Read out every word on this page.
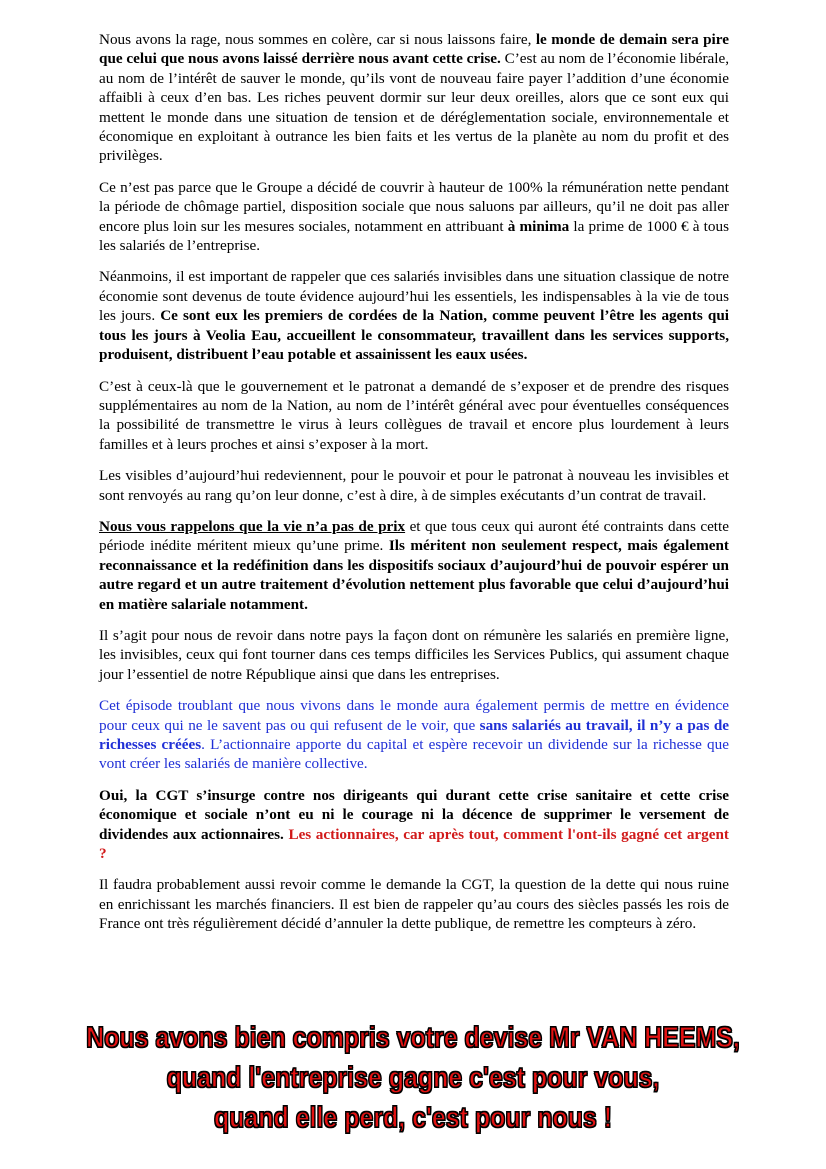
Nous avons la rage, nous sommes en colère, car si nous laissons faire, le monde de demain sera pire que celui que nous avons laissé derrière nous avant cette crise. C’est au nom de l’économie libérale, au nom de l’intérêt de sauver le monde, qu’ils vont de nouveau faire payer l’addition d’une économie affaibli à ceux d’en bas. Les riches peuvent dormir sur leur deux oreilles, alors que ce sont eux qui mettent le monde dans une situation de tension et de déréglementation sociale, environnementale et économique en exploitant à outrance les bien faits et les vertus de la planète au nom du profit et des privilèges.

Ce n’est pas parce que le Groupe a décidé de couvrir à hauteur de 100% la rémunération nette pendant la période de chômage partiel, disposition sociale que nous saluons par ailleurs, qu’il ne doit pas aller encore plus loin sur les mesures sociales, notamment en attribuant à minima la prime de 1000 € à tous les salariés de l’entreprise.

Néanmoins, il est important de rappeler que ces salariés invisibles dans une situation classique de notre économie sont devenus de toute évidence aujourd’hui les essentiels, les indispensables à la vie de tous les jours. Ce sont eux les premiers de cordées de la Nation, comme peuvent l’être les agents qui tous les jours à Veolia Eau, accueillent le consommateur, travaillent dans les services supports, produisent, distribuent l’eau potable et assainissent les eaux usées.

C’est à ceux-là que le gouvernement et le patronat a demandé de s’exposer et de prendre des risques supplémentaires au nom de la Nation, au nom de l’intérêt général avec pour éventuelles conséquences la possibilité de transmettre le virus à leurs collègues de travail et encore plus lourdement à leurs familles et à leurs proches et ainsi s’exposer à la mort.

Les visibles d’aujourd’hui redeviennent, pour le pouvoir et pour le patronat à nouveau les invisibles et sont renvoyés au rang qu’on leur donne, c’est à dire, à de simples exécutants d’un contrat de travail.

Nous vous rappelons que la vie n’a pas de prix et que tous ceux qui auront été contraints dans cette période inédite méritent mieux qu’une prime. Ils méritent non seulement respect, mais également reconnaissance et la redéfinition dans les dispositifs sociaux d’aujourd’hui de pouvoir espérer un autre regard et un autre traitement d’évolution nettement plus favorable que celui d’aujourd’hui en matière salariale notamment.

Il s’agit pour nous de revoir dans notre pays la façon dont on rémunère les salariés en première ligne, les invisibles, ceux qui font tourner dans ces temps difficiles les Services Publics, qui assument chaque jour l’essentiel de notre République ainsi que dans les entreprises.

Cet épisode troublant que nous vivons dans le monde aura également permis de mettre en évidence pour ceux qui ne le savent pas ou qui refusent de le voir, que sans salariés au travail, il n’y a pas de richesses créées. L’actionnaire apporte du capital et espère recevoir un dividende sur la richesse que vont créer les salariés de manière collective.

Oui, la CGT s’insurge contre nos dirigeants qui durant cette crise sanitaire et cette crise économique et sociale n’ont eu ni le courage ni la décence de supprimer le versement de dividendes aux actionnaires. Les actionnaires, car après tout, comment l'ont-ils gagné cet argent ?

Il faudra probablement aussi revoir comme le demande la CGT, la question de la dette qui nous ruine en enrichissant les marchés financiers. Il est bien de rappeler qu’au cours des siècles passés les rois de France ont très régulièrement décidé d’annuler la dette publique, de remettre les compteurs à zéro.

Nous avons bien compris votre devise Mr VAN HEEMS,
quand l'entreprise gagne c'est pour vous,
quand elle perd, c'est pour nous !
